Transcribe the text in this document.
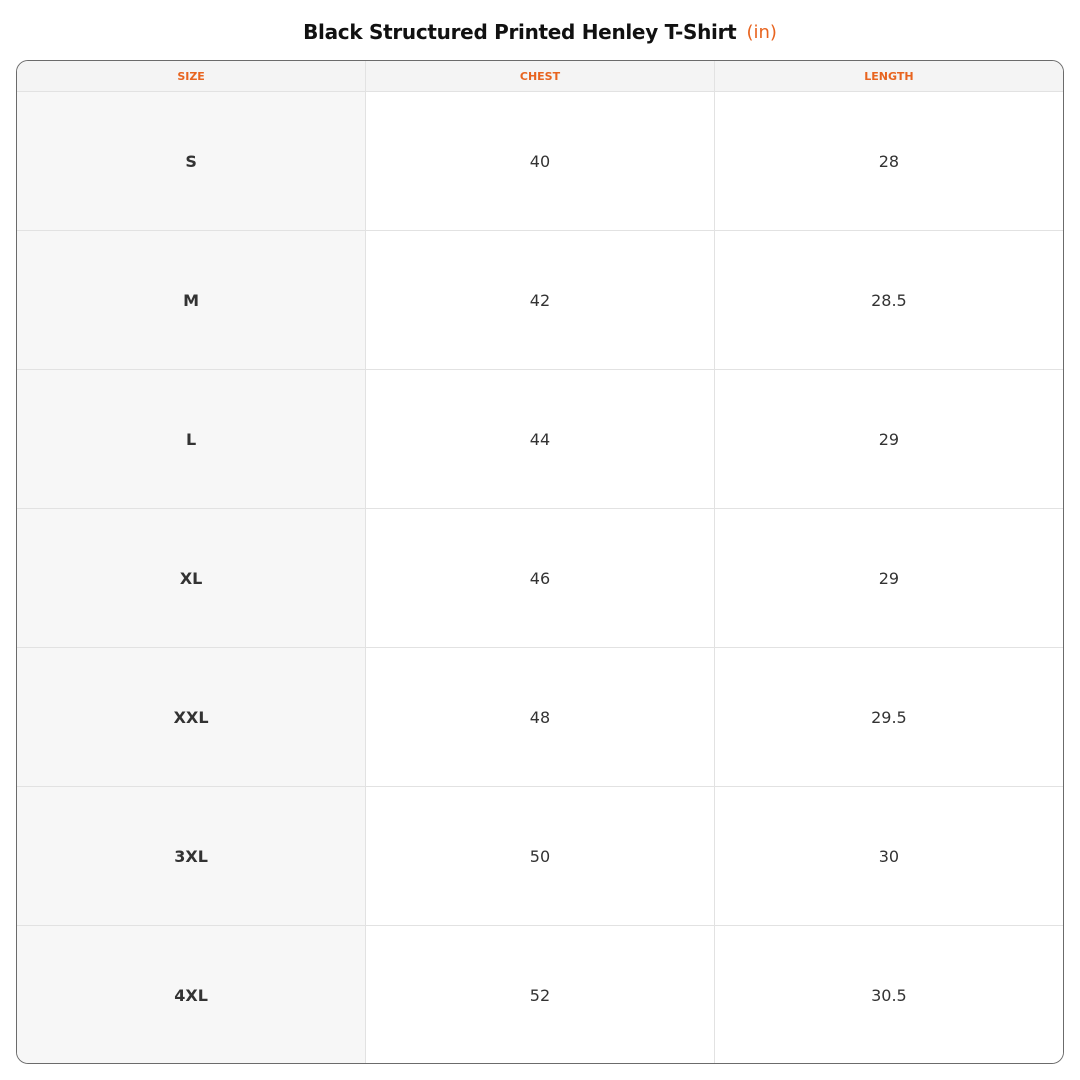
Black Structured Printed Henley T-Shirt (in)
SIZE	CHEST	LENGTH
S	40	28
M	42	28.5
L	44	29
XL	46	29
XXL	48	29.5
3XL	50	30
4XL	52	30.5
